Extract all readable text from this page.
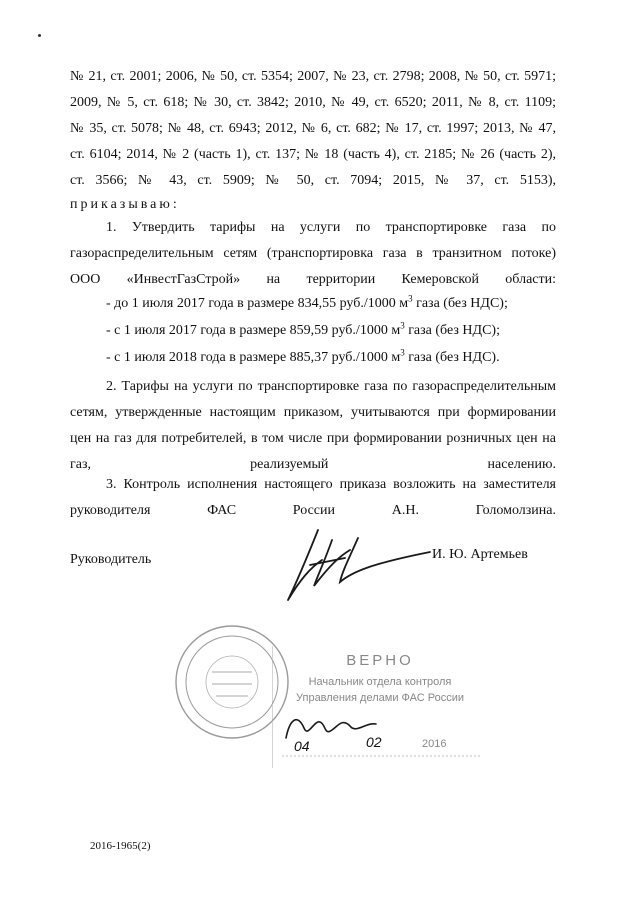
№ 21, ст. 2001; 2006, № 50, ст. 5354; 2007, № 23, ст. 2798; 2008, № 50, ст. 5971;
2009, № 5, ст. 618; № 30, ст. 3842; 2010, № 49, ст. 6520; 2011, № 8, ст. 1109;
№ 35, ст. 5078; № 48, ст. 6943; 2012, № 6, ст. 682; № 17, ст. 1997; 2013, № 47,
ст. 6104; 2014, № 2 (часть 1), ст. 137; № 18 (часть 4), ст. 2185; № 26 (часть 2),
ст. 3566; № 43, ст. 5909; № 50, ст. 7094; 2015, № 37, ст. 5153),
приказываю:
1. Утвердить тарифы на услуги по транспортировке газа по
газораспределительным сетям (транспортировка газа в транзитном потоке)
ООО «ИнвестГазСтрой» на территории Кемеровской области:
- до 1 июля 2017 года в размере 834,55 руб./1000 $м^3$ газа (без НДС);
- с 1 июля 2017 года в размере 859,59 руб./1000 $м^3$ газа (без НДС);
- с 1 июля 2018 года в размере 885,37 руб./1000 $м^3$ газа (без НДС).
2. Тарифы на услуги по транспортировке газа по газораспределительным
сетям, утвержденные настоящим приказом, учитываются при формировании
цен на газ для потребителей, в том числе при формировании розничных цен на
газ, реализуемый населению.
3. Контроль исполнения настоящего приказа возложить на заместителя
руководителя ФАС России А.Н. Голомолзина.
Руководитель	И. Ю. Артемьев
ВЕРНО
Начальник отдела контроля
Управления делами ФАС России
04	02	2016
2016-1965(2)
